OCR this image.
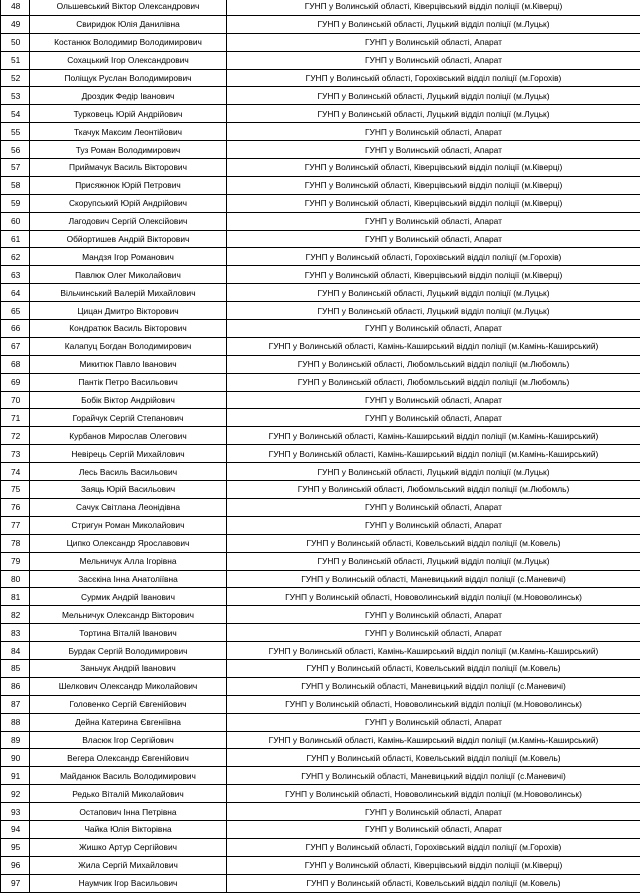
48	Ольшевський Віктор Олександрович	ГУНП у Волинській області, Ківерцівський відділ поліції (м.Ківерці)
49	Свиридюк Юлія Данилівна	ГУНП у Волинській області, Луцький відділ поліції (м.Луцьк)
50	Костанюк Володимир Володимирович	ГУНП у Волинській області, Апарат
51	Сохацький Ігор Олександрович	ГУНП у Волинській області, Апарат
52	Поліщук Руслан Володимирович	ГУНП у Волинській області, Горохівський відділ поліції (м.Горохів)
53	Дроздик Федір Іванович	ГУНП у Волинській області, Луцький відділ поліції (м.Луцьк)
54	Турковець Юрій Андрійович	ГУНП у Волинській області, Луцький відділ поліції (м.Луцьк)
55	Ткачук Максим Леонтійович	ГУНП у Волинській області, Апарат
56	Туз Роман Володимирович	ГУНП у Волинській області, Апарат
57	Приймачук Василь Вікторович	ГУНП у Волинській області, Ківерцівський відділ поліції (м.Ківерці)
58	Присяжнюк Юрій Петрович	ГУНП у Волинській області, Ківерцівський відділ поліції (м.Ківерці)
59	Скорупський Юрій Андрійович	ГУНП у Волинській області, Ківерцівський відділ поліції (м.Ківерці)
60	Лагодович Сергій Олексійович	ГУНП у Волинській області, Апарат
61	Обйортишев Андрій Вікторович	ГУНП у Волинській області, Апарат
62	Мандзя Ігор Романович	ГУНП у Волинській області, Горохівський відділ поліції (м.Горохів)
63	Павлюк Олег Миколайович	ГУНП у Волинській області, Ківерцівський відділ поліції (м.Ківерці)
64	Вільчинський Валерій Михайлович	ГУНП у Волинській області, Луцький відділ поліції (м.Луцьк)
65	Цицан Дмитро Вікторович	ГУНП у Волинській області, Луцький відділ поліції (м.Луцьк)
66	Кондратюк Василь Вікторович	ГУНП у Волинській області, Апарат
67	Калапуц Богдан Володимирович	ГУНП у Волинській області, Камінь-Каширський відділ поліції (м.Камінь-Каширський)
68	Микитюк Павло Іванович	ГУНП у Волинській області, Любомльський відділ поліції (м.Любомль)
69	Пантік Петро Васильович	ГУНП у Волинській області, Любомльський відділ поліції (м.Любомль)
70	Бобік Віктор Андрійович	ГУНП у Волинській області, Апарат
71	Горайчук Сергій Степанович	ГУНП у Волинській області, Апарат
72	Курбанов Мирослав Олегович	ГУНП у Волинській області, Камінь-Каширський відділ поліції (м.Камінь-Каширський)
73	Невірець Сергій Михайлович	ГУНП у Волинській області, Камінь-Каширський відділ поліції (м.Камінь-Каширський)
74	Лесь Василь Васильович	ГУНП у Волинській області, Луцький відділ поліції (м.Луцьк)
75	Заяць Юрій Васильович	ГУНП у Волинській області, Любомльський відділ поліції (м.Любомль)
76	Сачук Світлана Леонідівна	ГУНП у Волинській області, Апарат
77	Стригун Роман Миколайович	ГУНП у Волинській області, Апарат
78	Ципко Олександр Ярославович	ГУНП у Волинській області, Ковельський відділ поліції (м.Ковель)
79	Мельничук Алла Ігорівна	ГУНП у Волинській області, Луцький відділ поліції (м.Луцьк)
80	Засєкіна Інна Анатоліївна	ГУНП у Волинській області, Маневицький відділ поліції (с.Маневичі)
81	Сурмик Андрій Іванович	ГУНП у Волинській області, Нововолинський відділ поліції (м.Нововолинськ)
82	Мельничук Олександр Вікторович	ГУНП у Волинській області, Апарат
83	Тортина Віталій Іванович	ГУНП у Волинській області, Апарат
84	Бурдак Сергій Володимирович	ГУНП у Волинській області, Камінь-Каширський відділ поліції (м.Камінь-Каширський)
85	Заньчук Андрій Іванович	ГУНП у Волинській області, Ковельський відділ поліції (м.Ковель)
86	Шелкович Олександр Миколайович	ГУНП у Волинській області, Маневицький відділ поліції (с.Маневичі)
87	Головенко Сергій Євгенійович	ГУНП у Волинській області, Нововолинський відділ поліції (м.Нововолинськ)
88	Дейна Катерина Євгеніївна	ГУНП у Волинській області, Апарат
89	Власюк Ігор Сергійович	ГУНП у Волинській області, Камінь-Каширський відділ поліції (м.Камінь-Каширський)
90	Вегера Олександр Євгенійович	ГУНП у Волинській області, Ковельський відділ поліції (м.Ковель)
91	Майданюк Василь Володимирович	ГУНП у Волинській області, Маневицький відділ поліції (с.Маневичі)
92	Редько Віталій Миколайович	ГУНП у Волинській області, Нововолинський відділ поліції (м.Нововолинськ)
93	Остапович Інна Петрівна	ГУНП у Волинській області, Апарат
94	Чайка Юлія Вікторівна	ГУНП у Волинській області, Апарат
95	Жишко Артур Сергійович	ГУНП у Волинській області, Горохівський відділ поліції (м.Горохів)
96	Жила Сергій Михайлович	ГУНП у Волинській області, Ківерцівський відділ поліції (м.Ківерці)
97	Наумчик Ігор Васильович	ГУНП у Волинській області, Ковельський відділ поліції (м.Ковель)
